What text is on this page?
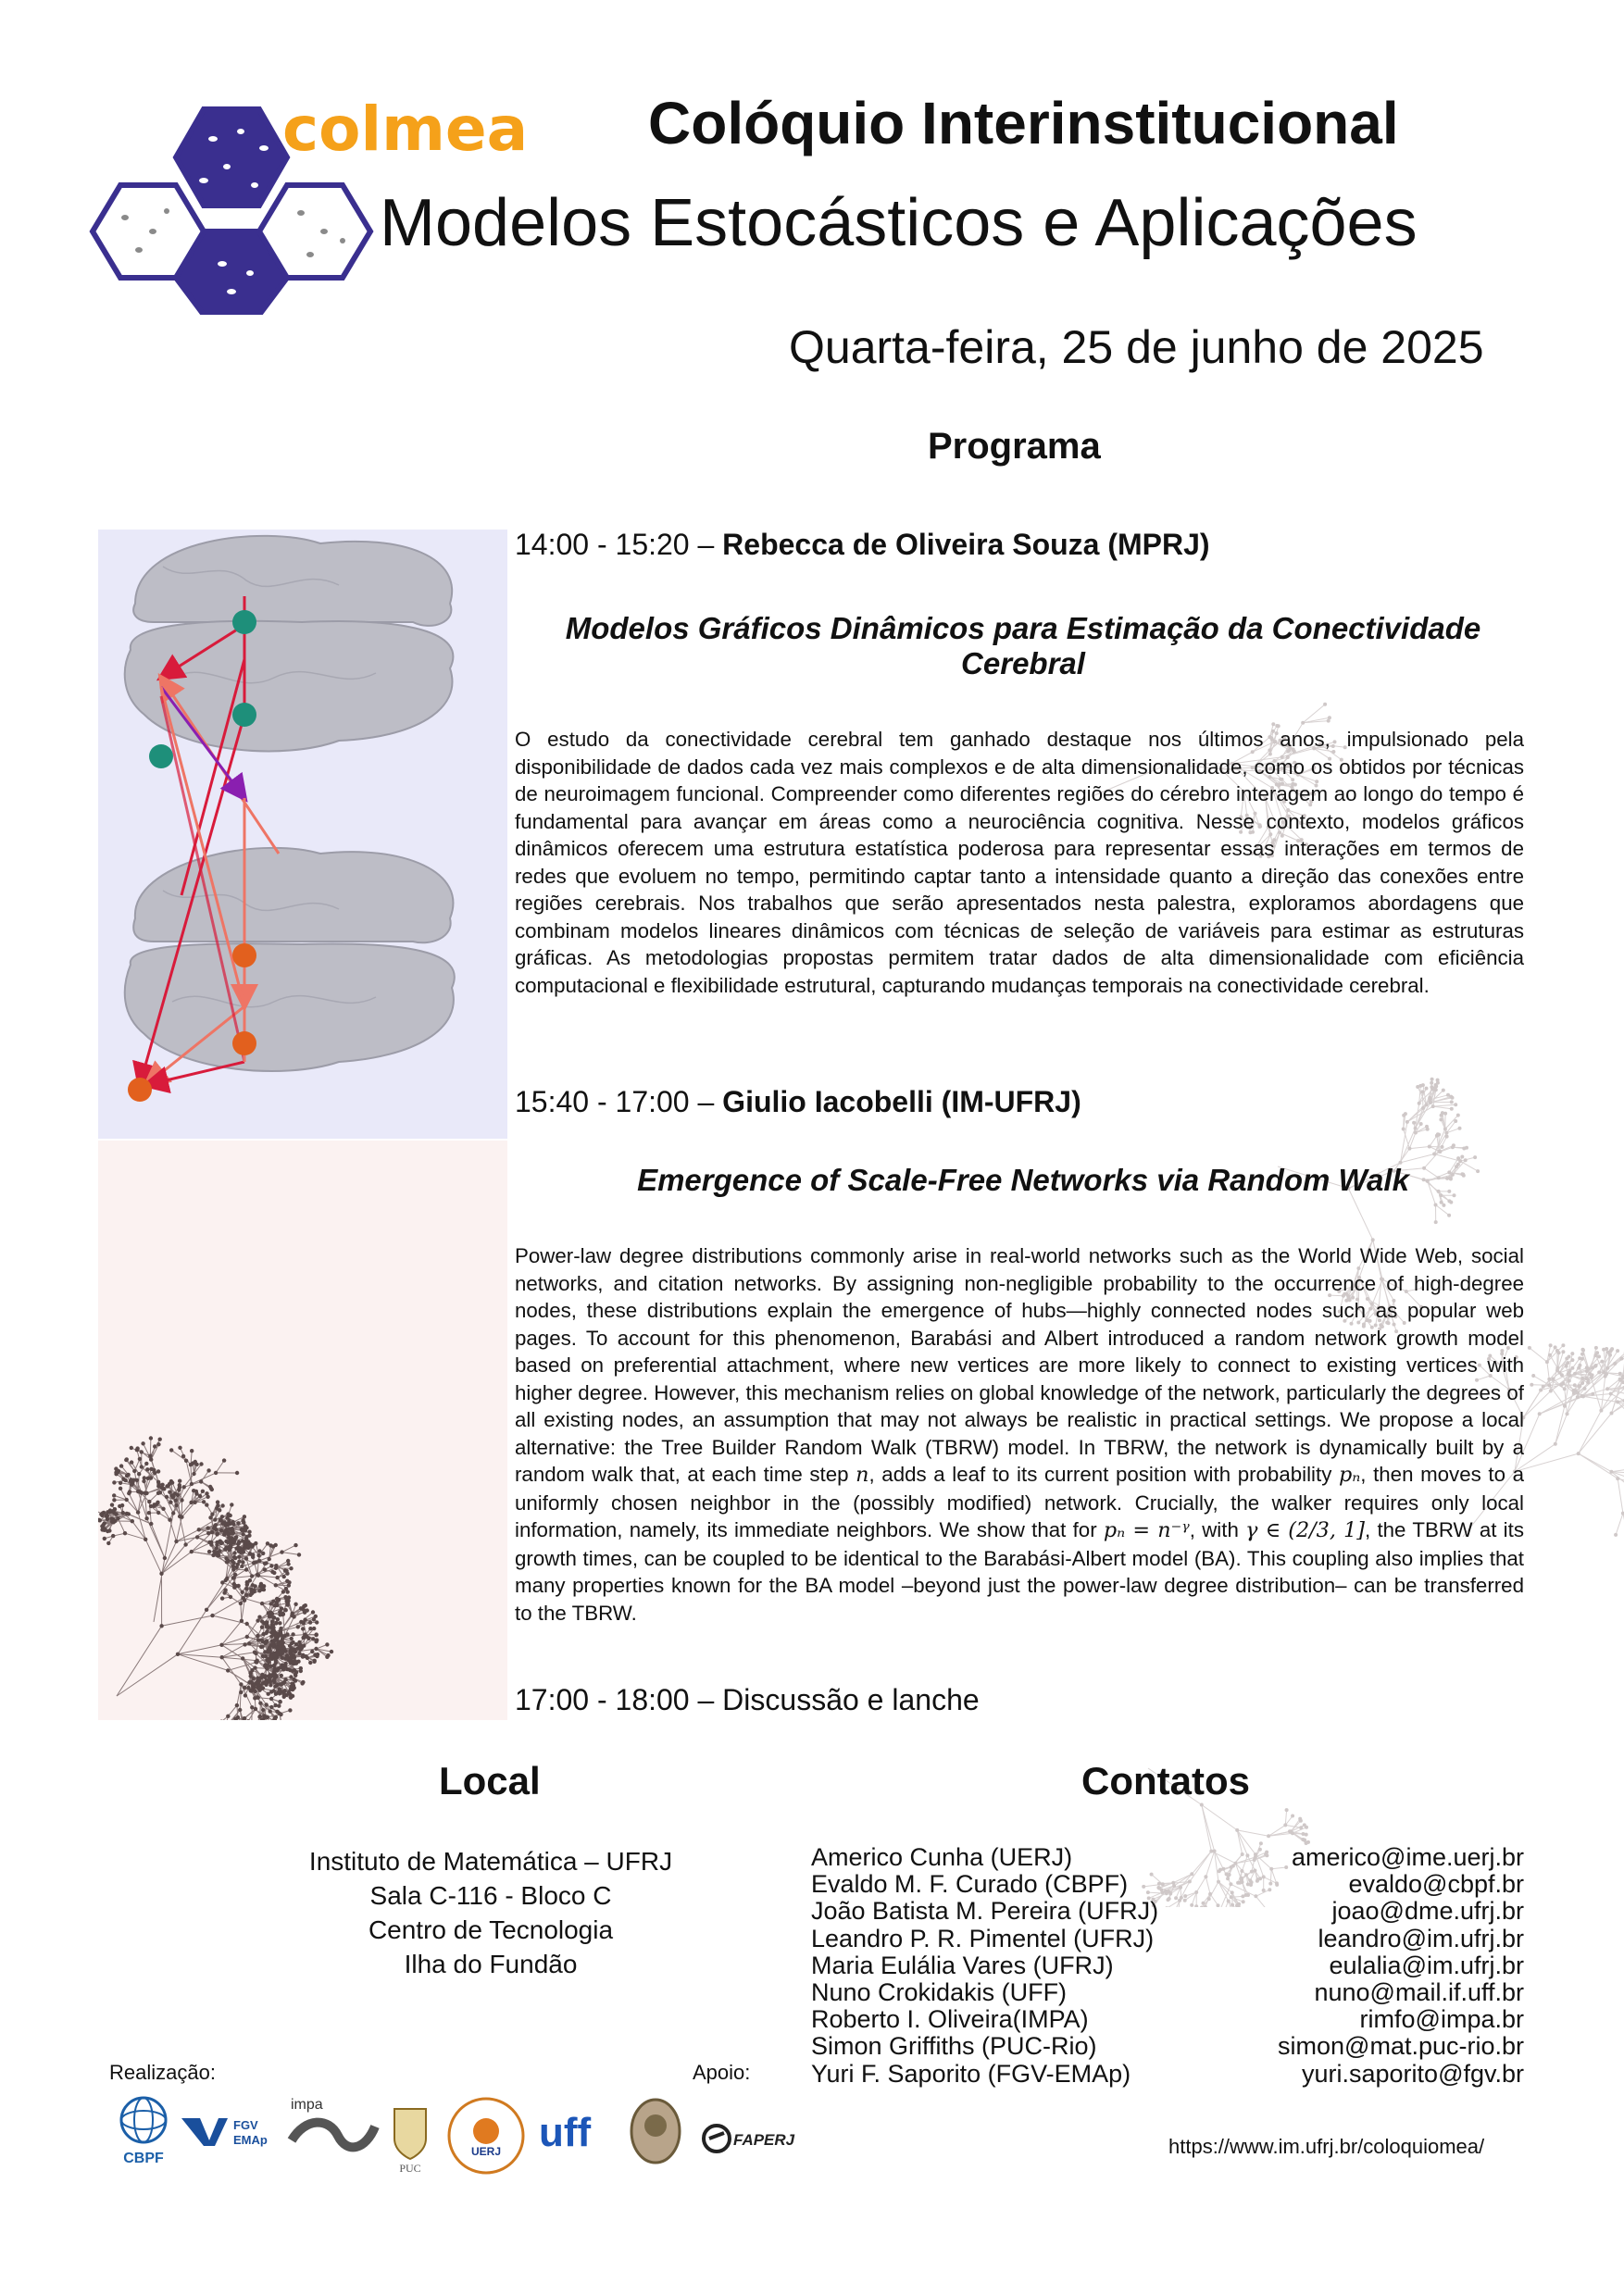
colmea Colóquio Interinstitucional
Modelos Estocásticos e Aplicações
Quarta-feira, 25 de junho de 2025
Programa
14:00 - 15:20 – Rebecca de Oliveira Souza (MPRJ)
Modelos Gráficos Dinâmicos para Estimação da Conectividade Cerebral
O estudo da conectividade cerebral tem ganhado destaque nos últimos anos, impulsionado pela disponibilidade de dados cada vez mais complexos e de alta dimensionalidade, como os obtidos por técnicas de neuroimagem funcional. Compreender como diferentes regiões do cérebro interagem ao longo do tempo é fundamental para avançar em áreas como a neurociência cognitiva. Nesse contexto, modelos gráficos dinâmicos oferecem uma estrutura estatística poderosa para representar essas interações em termos de redes que evoluem no tempo, permitindo captar tanto a intensidade quanto a direção das conexões entre regiões cerebrais. Nos trabalhos que serão apresentados nesta palestra, exploramos abordagens que combinam modelos lineares dinâmicos com técnicas de seleção de variáveis para estimar as estruturas gráficas. As metodologias propostas permitem tratar dados de alta dimensionalidade com eficiência computacional e flexibilidade estrutural, capturando mudanças temporais na conectividade cerebral.
15:40 - 17:00 – Giulio Iacobelli (IM-UFRJ)
Emergence of Scale-Free Networks via Random Walk
Power-law degree distributions commonly arise in real-world networks such as the World Wide Web, social networks, and citation networks. By assigning non-negligible probability to the occurrence of high-degree nodes, these distributions explain the emergence of hubs—highly connected nodes such as popular web pages. To account for this phenomenon, Barabási and Albert introduced a random network growth model based on preferential attachment, where new vertices are more likely to connect to existing vertices with higher degree. However, this mechanism relies on global knowledge of the network, particularly the degrees of all existing nodes, an assumption that may not always be realistic in practical settings. We propose a local alternative: the Tree Builder Random Walk (TBRW) model. In TBRW, the network is dynamically built by a random walk that, at each time step n, adds a leaf to its current position with probability pₙ, then moves to a uniformly chosen neighbor in the (possibly modified) network. Crucially, the walker requires only local information, namely, its immediate neighbors. We show that for pₙ = n⁻ᵞ, with γ ∈ (2/3, 1], the TBRW at its growth times, can be coupled to be identical to the Barabási-Albert model (BA). This coupling also implies that many properties known for the BA model –beyond just the power-law degree distribution– can be transferred to the TBRW.
17:00 - 18:00 – Discussão e lanche
Local
Instituto de Matemática – UFRJ
Sala C-116 - Bloco C
Centro de Tecnologia
Ilha do Fundão
Contatos
Americo Cunha (UERJ)	americo@ime.uerj.br
Evaldo M. F. Curado (CBPF)	evaldo@cbpf.br
João Batista M. Pereira (UFRJ)	joao@dme.ufrj.br
Leandro P. R. Pimentel (UFRJ)	leandro@im.ufrj.br
Maria Eulália Vares (UFRJ)	eulalia@im.ufrj.br
Nuno Crokidakis (UFF)	nuno@mail.if.uff.br
Roberto I. Oliveira(IMPA)	rimfo@impa.br
Simon Griffiths (PUC-Rio)	simon@mat.puc-rio.br
Yuri F. Saporito (FGV-EMAp)	yuri.saporito@fgv.br
Realização:	Apoio:
CBPF
FGV
EMAp
impa
PUC
UERJ uff	FAPERJ	https://www.im.ufrj.br/coloquiomea/
